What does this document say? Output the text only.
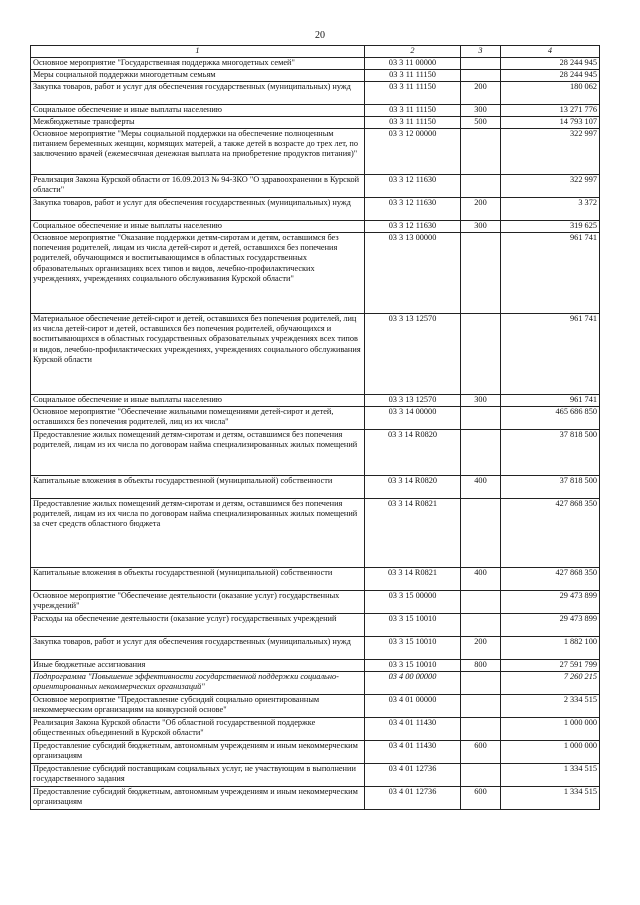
20
1	2	3	4
Основное мероприятие "Государственная поддержка многодетных семей"	03 3 11 00000		28 244 945
Меры социальной поддержки многодетным семьям	03 3 11 11150		28 244 945
Закупка товаров, работ и услуг для обеспечения государственных (муниципальных) нужд	03 3 11 11150	200	180 062
Социальное обеспечение и иные выплаты населению	03 3 11 11150	300	13 271 776
Межбюджетные трансферты	03 3 11 11150	500	14 793 107
Основное мероприятие "Меры социальной поддержки на обеспечение полноценным питанием беременных женщин, кормящих матерей, а также детей в возрасте до трех лет, по заключению врачей (ежемесячная денежная выплата на приобретение продуктов питания)"	03 3 12 00000		322 997
Реализация Закона Курской области от 16.09.2013 № 94-ЗКО "О здравоохранении в Курской области"	03 3 12 11630		322 997
Закупка товаров, работ и услуг для обеспечения государственных (муниципальных) нужд	03 3 12 11630	200	3 372
Социальное обеспечение и иные выплаты населению	03 3 12 11630	300	319 625
Основное мероприятие "Оказание поддержки детям-сиротам и детям, оставшимся без попечения родителей, лицам из числа детей-сирот и детей, оставшихся без попечения родителей, обучающимся и воспитывающимся в областных государственных образовательных организациях всех типов и видов, лечебно-профилактических учреждениях, учреждениях социального обслуживания Курской области"	03 3 13 00000		961 741
Материальное обеспечение детей-сирот и детей, оставшихся без попечения родителей, лиц из числа детей-сирот и детей, оставшихся без попечения родителей, обучающихся и воспитывающихся в областных государственных образовательных учреждениях всех типов и видов, лечебно-профилактических учреждениях, учреждениях социального обслуживания Курской области	03 3 13 12570		961 741
Социальное обеспечение и иные выплаты населению	03 3 13 12570	300	961 741
Основное мероприятие "Обеспечение жильными помещениями детей-сирот и детей, оставшихся без попечения родителей, лиц из их числа"	03 3 14 00000		465 686 850
Предоставление жилых помещений детям-сиротам и детям, оставшимся без попечения родителей, лицам из их числа по договорам найма специализированных жилых помещений	03 3 14 R0820		37 818 500
Капитальные вложения в объекты государственной (муниципальной) собственности	03 3 14 R0820	400	37 818 500
Предоставление жилых помещений детям-сиротам и детям, оставшимся без попечения родителей, лицам из их числа по договорам найма специализированных жилых помещений за счет средств областного бюджета	03 3 14 R0821		427 868 350
Капитальные вложения в объекты государственной (муниципальной) собственности	03 3 14 R0821	400	427 868 350
Основное мероприятие "Обеспечение деятельности (оказание услуг) государственных учреждений"	03 3 15 00000		29 473 899
Расходы на обеспечение деятельности (оказание услуг) государственных учреждений	03 3 15 10010		29 473 899
Закупка товаров, работ и услуг для обеспечения государственных (муниципальных) нужд	03 3 15 10010	200	1 882 100
Иные бюджетные ассигнования	03 3 15 10010	800	27 591 799
Подпрограмма "Повышение эффективности государственной поддержки социально-ориентированных некоммерческих организаций"	03 4 00 00000		7 260 215
Основное мероприятие "Предоставление субсидий социально ориентированным некоммерческим организациям на конкурсной основе"	03 4 01 00000		2 334 515
Реализация Закона Курской области "Об областной государственной поддержке общественных объединений в Курской области"	03 4 01 11430		1 000 000
Предоставление субсидий бюджетным, автономным учреждениям и иным некоммерческим организациям	03 4 01 11430	600	1 000 000
Предоставление субсидий поставщикам социальных услуг, не участвующим в выполнении государственного задания	03 4 01 12736		1 334 515
Предоставление субсидий бюджетным, автономным учреждениям и иным некоммерческим организациям	03 4 01 12736	600	1 334 515
